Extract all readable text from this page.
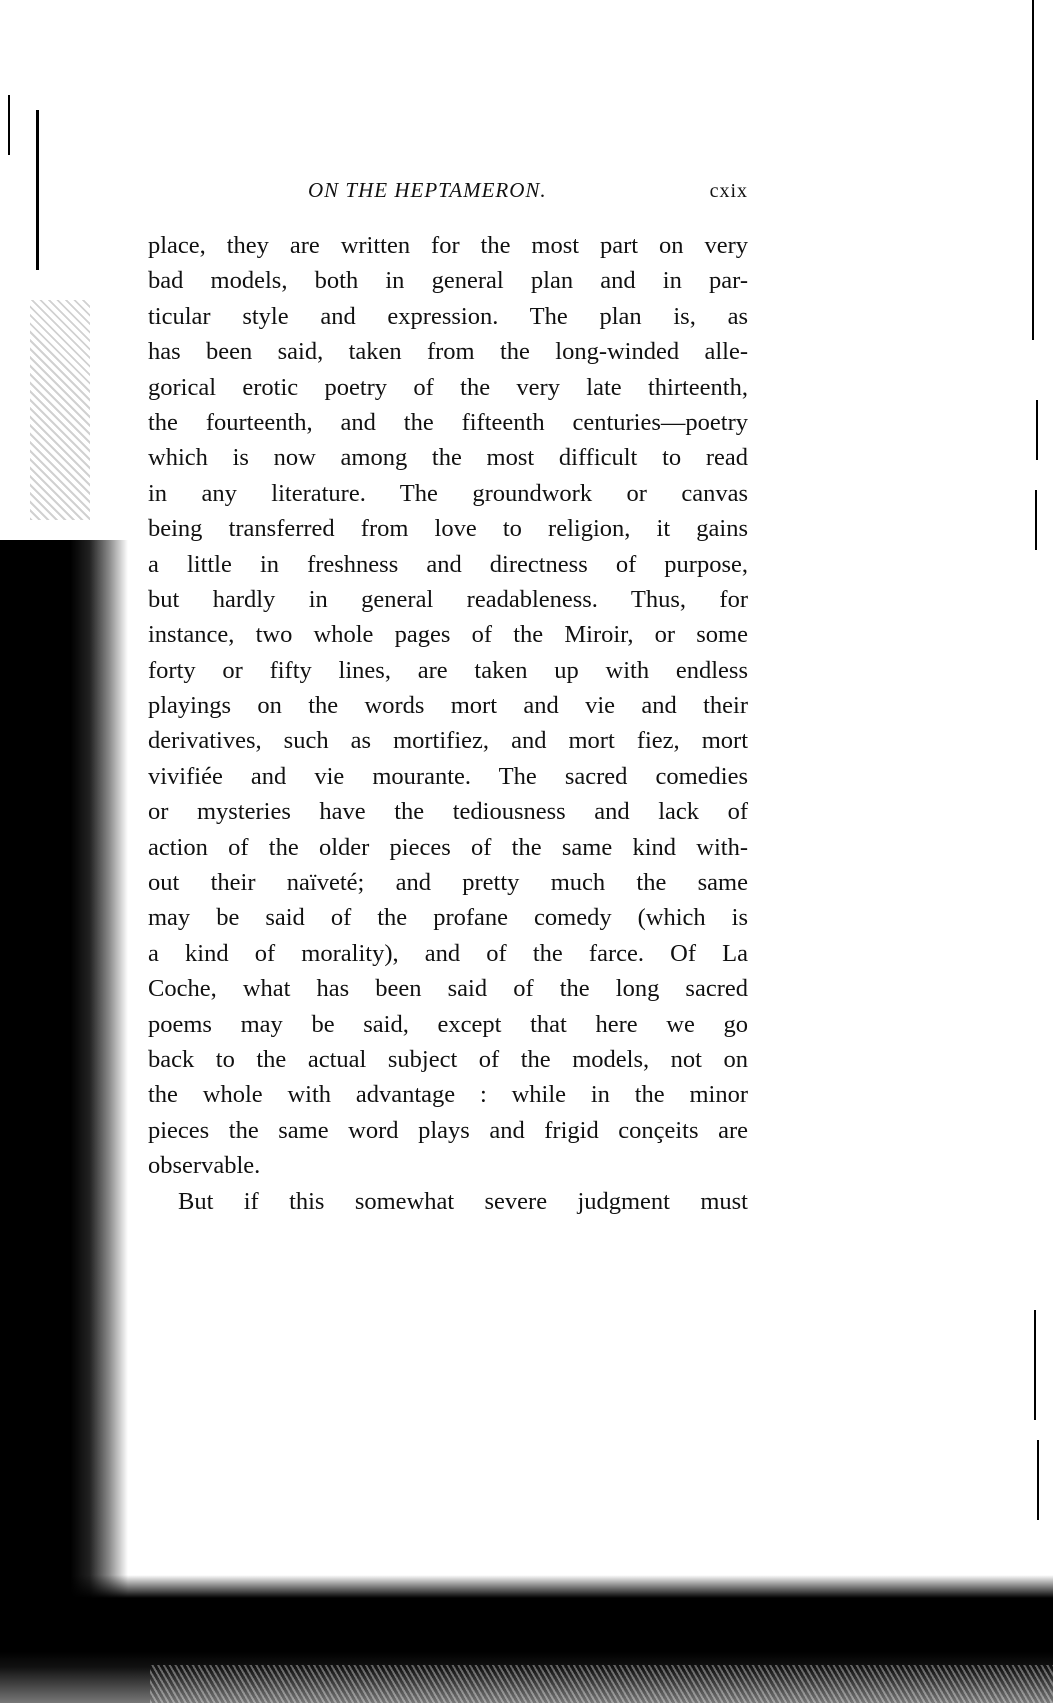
ON THE HEPTAMERON.	cxix
place, they are written for the most part on very
bad models, both in general plan and in par-
ticular style and expression. The plan is, as
has been said, taken from the long-winded alle-
gorical erotic poetry of the very late thirteenth,
the fourteenth, and the fifteenth centuries—poetry
which is now among the most difficult to read
in any literature. The groundwork or canvas
being transferred from love to religion, it gains
a little in freshness and directness of purpose,
but hardly in general readableness. Thus, for
instance, two whole pages of the Miroir, or some
forty or fifty lines, are taken up with endless
playings on the words mort and vie and their
derivatives, such as mortifiez, and mort fiez, mort
vivifiée and vie mourante. The sacred comedies
or mysteries have the tediousness and lack of
action of the older pieces of the same kind with-
out their naïveté; and pretty much the same
may be said of the profane comedy (which is
a kind of morality), and of the farce. Of La
Coche, what has been said of the long sacred
poems may be said, except that here we go
back to the actual subject of the models, not on
the whole with advantage : while in the minor
pieces the same word plays and frigid conçeits are
observable.
But if this somewhat severe judgment must
